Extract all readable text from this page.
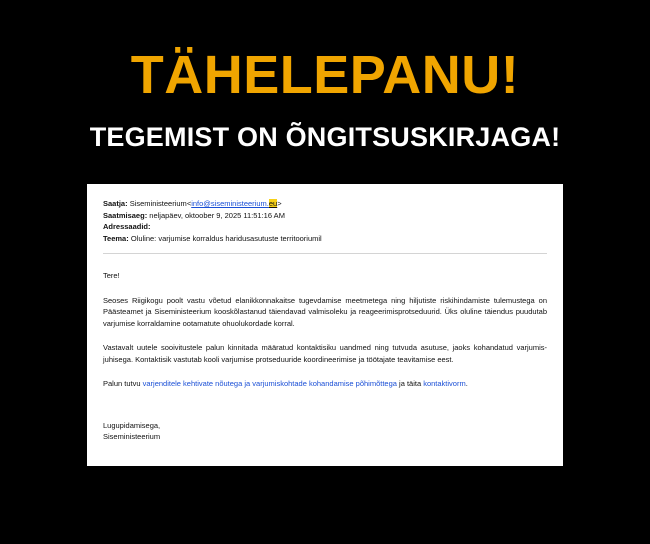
TÄHELEPANU!
TEGEMIST ON ÕNGITSUSKIRJAGA!
Saatja: Siseministeerium<info@siseministeerium.eu>
Saatmisaeg: neljapäev, oktoober 9, 2025 11:51:16 AM
Adressaadid:
Teema: Oluline: varjumise korraldus haridusasutuste territooriumil
Tere!
Seoses Riigikogu poolt vastu võetud elanikkonnakaitse tugevdamise meetmetega ning hiljutiste riskihindamiste tulemustega on Päästeamet ja Siseministeerium kooskõlastanud täiendavad valmisoleku ja reageerimisprotseduurid. Üks oluline täiendus puudutab varjumise korraldamine ootamatute ohuolukordade korral.
Vastavalt uutele sooivitustele palun kinnitada määratud kontaktisiku uandmed ning tutvuda asutuse, jaoks kohandatud varjumis-juhisega. Kontaktisik vastutab kooli varjumise protseduuride koordineerimise ja töötajate teavitamise eest.
Palun tutvu varjenditele kehtivate nõutega ja varjumiskohtade kohandamise põhimõttega ja täita kontaktivorm.
Lugupidamisega,
Siseministeerium
